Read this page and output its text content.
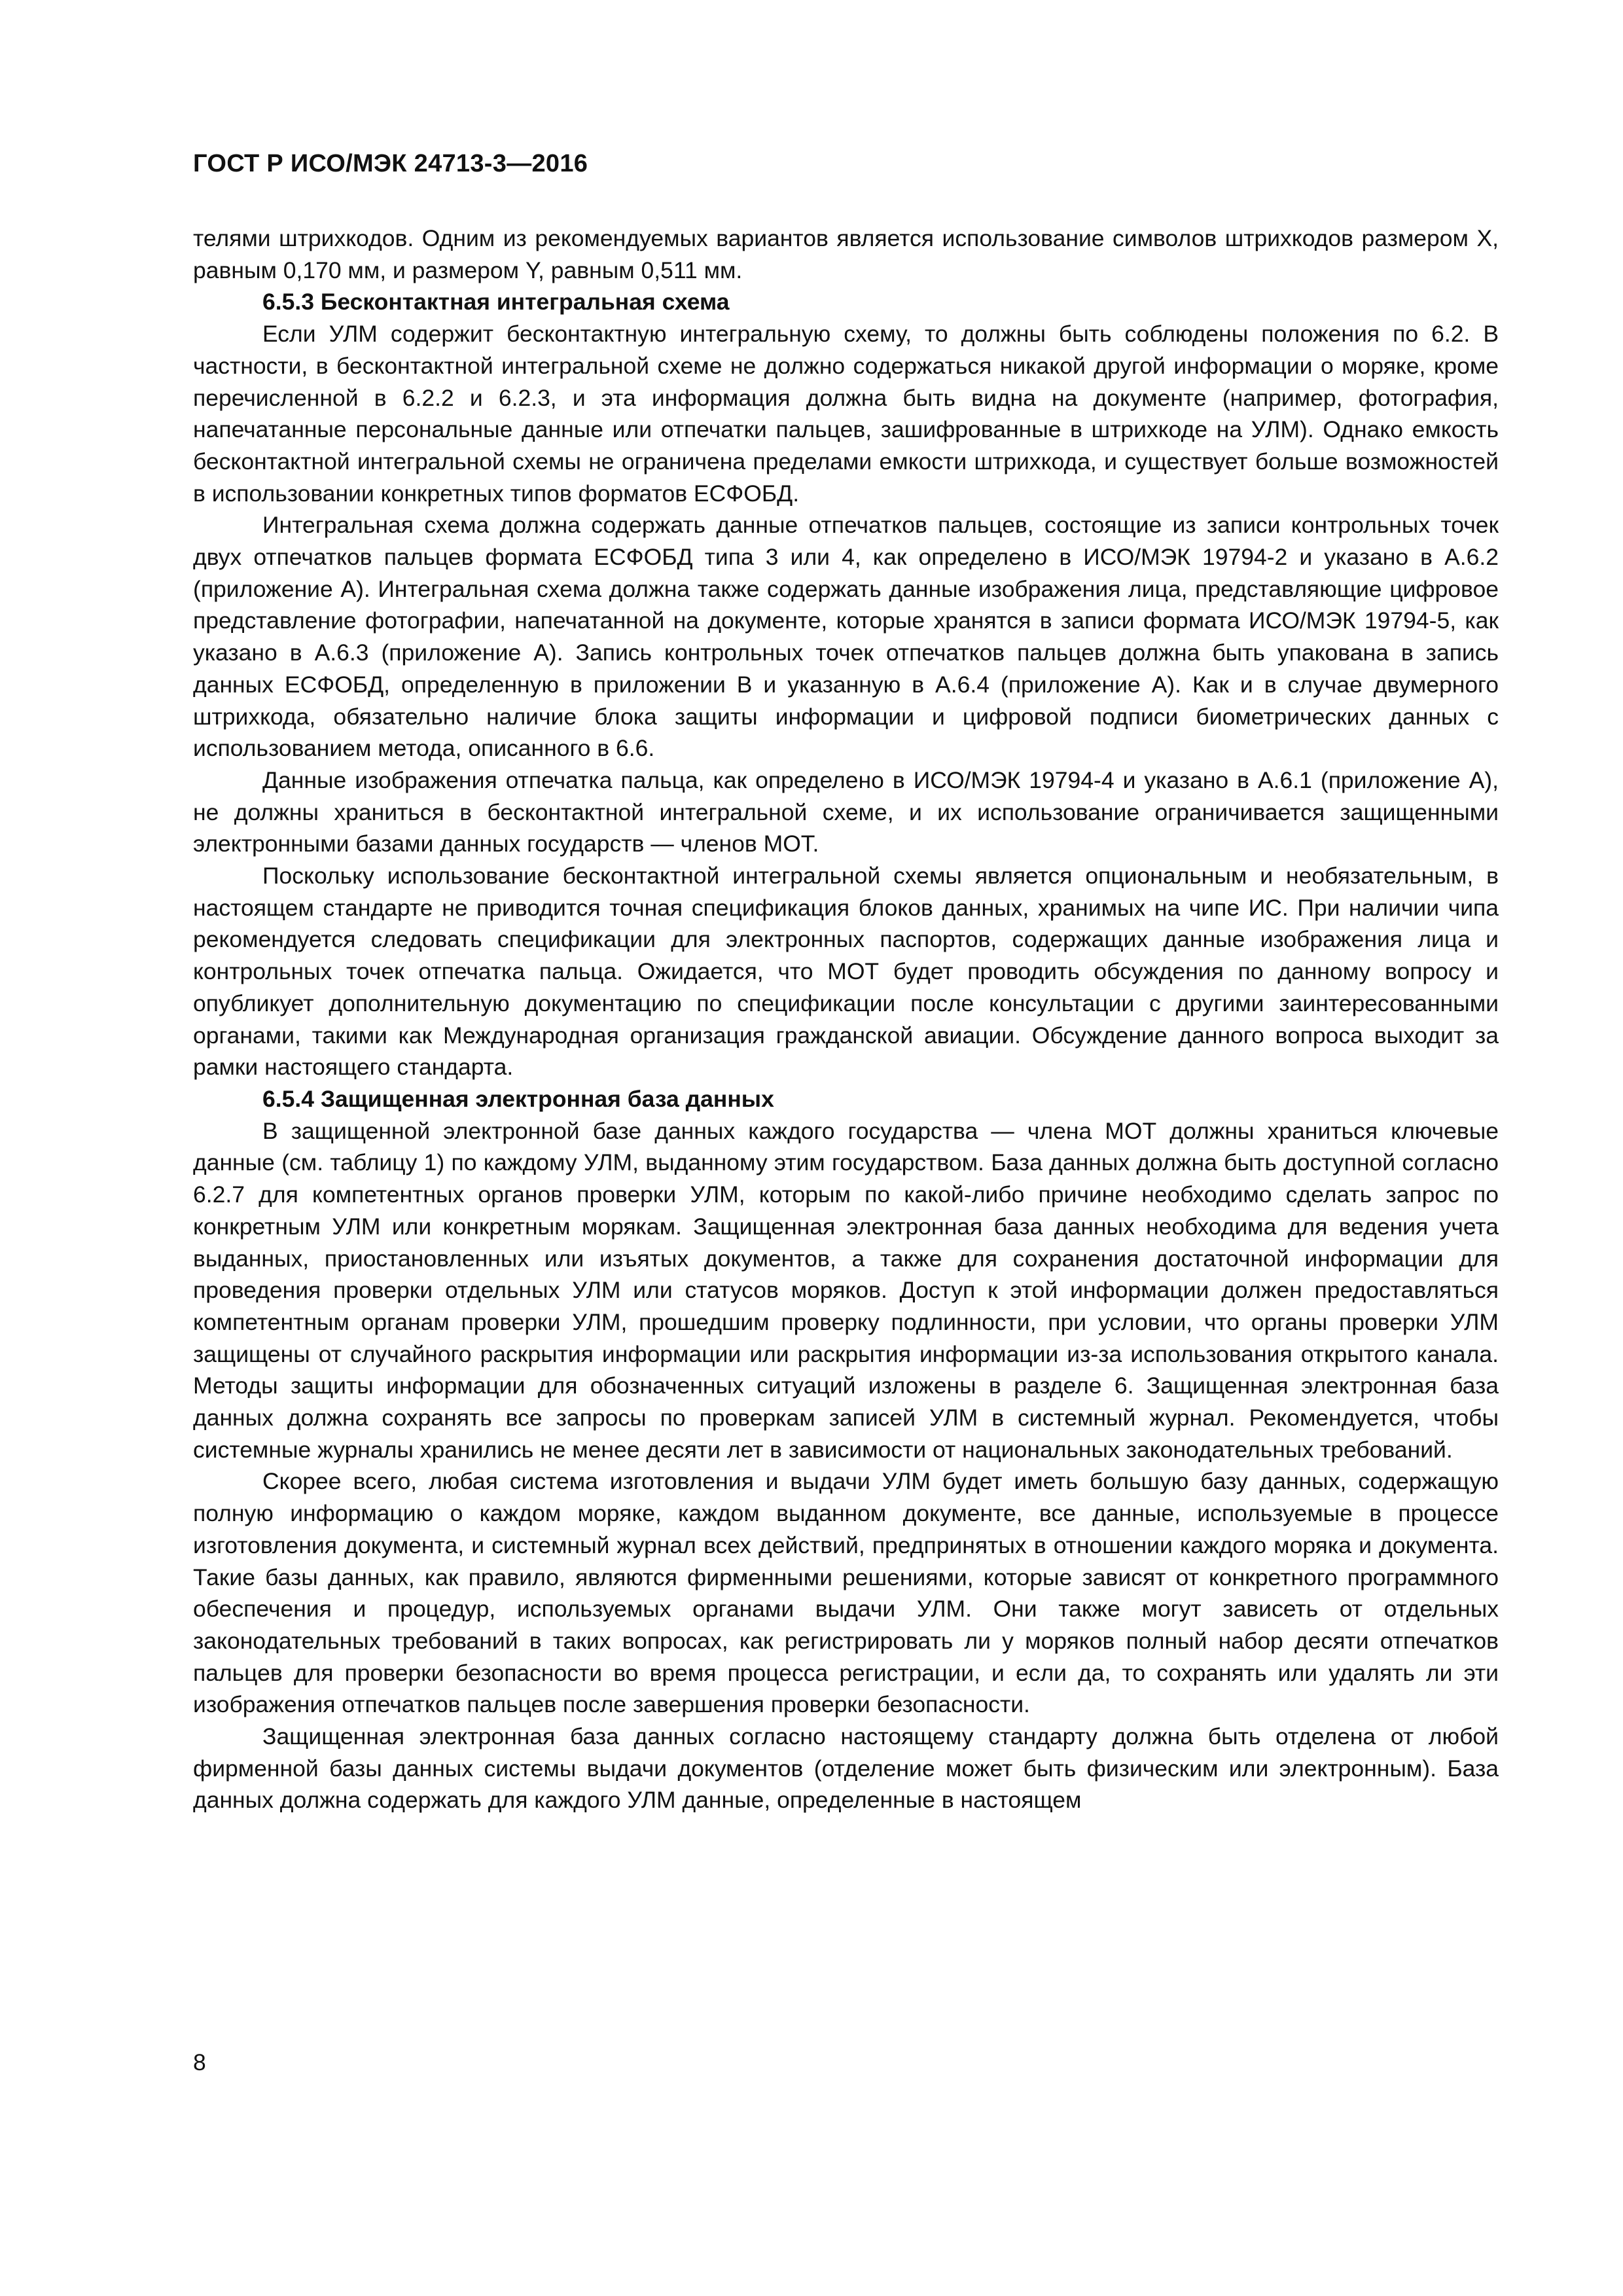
ГОСТ Р ИСО/МЭК 24713-3—2016

телями штрихкодов. Одним из рекомендуемых вариантов является использование символов штрихкодов размером X, равным 0,170 мм, и размером Y, равным 0,511 мм.

6.5.3 Бесконтактная интегральная схема

Если УЛМ содержит бесконтактную интегральную схему, то должны быть соблюдены положения по 6.2. В частности, в бесконтактной интегральной схеме не должно содержаться никакой другой информации о моряке, кроме перечисленной в 6.2.2 и 6.2.3, и эта информация должна быть видна на документе (например, фотография, напечатанные персональные данные или отпечатки пальцев, зашифрованные в штрихкоде на УЛМ). Однако емкость бесконтактной интегральной схемы не ограничена пределами емкости штрихкода, и существует больше возможностей в использовании конкретных типов форматов ЕСФОБД.

Интегральная схема должна содержать данные отпечатков пальцев, состоящие из записи контрольных точек двух отпечатков пальцев формата ЕСФОБД типа 3 или 4, как определено в ИСО/МЭК 19794-2 и указано в А.6.2 (приложение А). Интегральная схема должна также содержать данные изображения лица, представляющие цифровое представление фотографии, напечатанной на документе, которые хранятся в записи формата ИСО/МЭК 19794-5, как указано в А.6.3 (приложение А). Запись контрольных точек отпечатков пальцев должна быть упакована в запись данных ЕСФОБД, определенную в приложении В и указанную в А.6.4 (приложение А). Как и в случае двумерного штрихкода, обязательно наличие блока защиты информации и цифровой подписи биометрических данных с использованием метода, описанного в 6.6.

Данные изображения отпечатка пальца, как определено в ИСО/МЭК 19794-4 и указано в А.6.1 (приложение А), не должны храниться в бесконтактной интегральной схеме, и их использование ограничивается защищенными электронными базами данных государств — членов МОТ.

Поскольку использование бесконтактной интегральной схемы является опциональным и необязательным, в настоящем стандарте не приводится точная спецификация блоков данных, хранимых на чипе ИС. При наличии чипа рекомендуется следовать спецификации для электронных паспортов, содержащих данные изображения лица и контрольных точек отпечатка пальца. Ожидается, что МОТ будет проводить обсуждения по данному вопросу и опубликует дополнительную документацию по спецификации после консультации с другими заинтересованными органами, такими как Международная организация гражданской авиации. Обсуждение данного вопроса выходит за рамки настоящего стандарта.

6.5.4 Защищенная электронная база данных

В защищенной электронной базе данных каждого государства — члена МОТ должны храниться ключевые данные (см. таблицу 1) по каждому УЛМ, выданному этим государством. База данных должна быть доступной согласно 6.2.7 для компетентных органов проверки УЛМ, которым по какой-либо причине необходимо сделать запрос по конкретным УЛМ или конкретным морякам. Защищенная электронная база данных необходима для ведения учета выданных, приостановленных или изъятых документов, а также для сохранения достаточной информации для проведения проверки отдельных УЛМ или статусов моряков. Доступ к этой информации должен предоставляться компетентным органам проверки УЛМ, прошедшим проверку подлинности, при условии, что органы проверки УЛМ защищены от случайного раскрытия информации или раскрытия информации из-за использования открытого канала. Методы защиты информации для обозначенных ситуаций изложены в разделе 6. Защищенная электронная база данных должна сохранять все запросы по проверкам записей УЛМ в системный журнал. Рекомендуется, чтобы системные журналы хранились не менее десяти лет в зависимости от национальных законодательных требований.

Скорее всего, любая система изготовления и выдачи УЛМ будет иметь большую базу данных, содержащую полную информацию о каждом моряке, каждом выданном документе, все данные, используемые в процессе изготовления документа, и системный журнал всех действий, предпринятых в отношении каждого моряка и документа. Такие базы данных, как правило, являются фирменными решениями, которые зависят от конкретного программного обеспечения и процедур, используемых органами выдачи УЛМ. Они также могут зависеть от отдельных законодательных требований в таких вопросах, как регистрировать ли у моряков полный набор десяти отпечатков пальцев для проверки безопасности во время процесса регистрации, и если да, то сохранять или удалять ли эти изображения отпечатков пальцев после завершения проверки безопасности.

Защищенная электронная база данных согласно настоящему стандарту должна быть отделена от любой фирменной базы данных системы выдачи документов (отделение может быть физическим или электронным). База данных должна содержать для каждого УЛМ данные, определенные в настоящем

8
